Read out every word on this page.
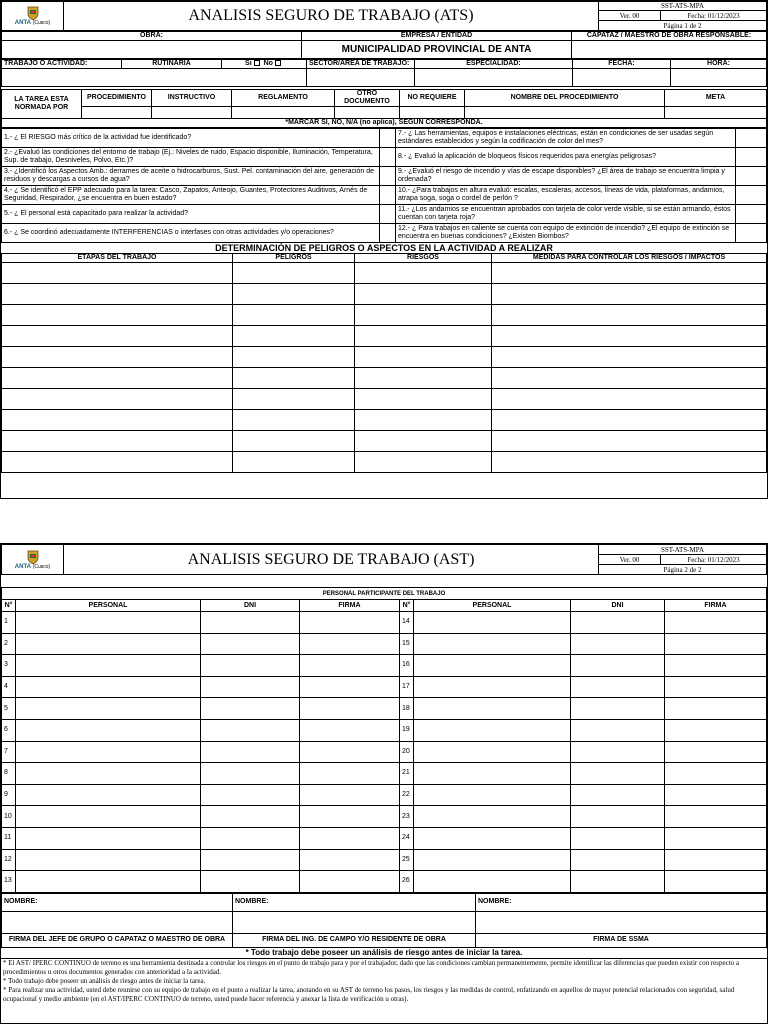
ANTA (Cusco)	ANALISIS SEGURO DE TRABAJO (ATS)	SST-ATS-MPA	
		Ver. 00	Fecha: 01/12/2023
		Página 1 de 2	
OBRA:	EMPRESA / ENTIDAD	CAPATAZ / MAESTRO DE OBRA RESPONSABLE:
	MUNICIPALIDAD PROVINCIAL DE ANTA	
TRABAJO O ACTIVIDAD:	RUTINARIA	Si No	SECTOR/ÁREA DE TRABAJO:	ESPECIALIDAD:	FECHA:	HORA:

LA TAREA ESTA NORMADA POR	PROCEDIMIENTO	INSTRUCTIVO	REGLAMENTO	OTRO DOCUMENTO	NO REQUIERE	NOMBRE DEL PROCEDIMIENTO	META

*MARCAR SI, NO, N/A (no aplica), SEGÚN CORRESPONDA.							
1.- ¿ El RIESGO más crítico de la actividad fue identificado?		7.- ¿ Las herramientas, equipos e instalaciones eléctricas, están en condiciones de ser usadas según estándares establecidos y según la codificación de color del mes?	
2.- ¿Evaluó las condiciones del entorno de trabajo (Ej.: Niveles de ruido, Espacio disponible, Iluminación, Temperatura, Sup. de trabajo, Desniveles, Polvo, Etc.)?		8.- ¿ Evaluó la aplicación de bloqueos físicos requeridos para energías peligrosas?	
3.- ¿Identificó los Aspectos Amb.: derrames de aceite o hidrocarburos, Sust. Pel. contaminación del aire, generación de residuos y descargas a cursos de agua?		9.- ¿Evaluó el riesgo de incendio y vías de escape disponibles? ¿El área de trabajo se encuentra limpia y ordenada?	
4.- ¿ Se identificó el EPP adecuado para la tarea: Casco, Zapatos, Anteojo, Guantes, Protectores Auditivos, Arnés de Seguridad, Respirador, ¿se encuentra en buen estado?		10.- ¿Para trabajos en altura evaluó: escalas, escaleras, accesos, líneas de vida, plataformas, andamios, atrapa soga, soga o cordel de perlón ?	
5.- ¿ El personal está capacitado para realizar la actividad?		11.- ¿Los andamios se encuentran aprobados con tarjeta de color verde visible, si se están armando, éstos cuentan con tarjeta roja?	
6.- ¿ Se coordinó adecuadamente INTERFERENCIAS o interfases con otras actividades y/o operaciones?		12.- ¿ Para trabajos en caliente se cuenta con equipo de extinción de incendio? ¿El equipo de extinción se encuentra en buenas condiciones? ¿Existen Biombos?	
DETERMINACIÓN DE PELIGROS O ASPECTOS EN LA ACTIVIDAD A REALIZAR
ETAPAS DEL TRABAJO	PELIGROS	RIESGOS	MEDIDAS PARA CONTROLAR LOS RIESGOS / IMPACTOS

ANTA (Cusco)	ANALISIS SEGURO DE TRABAJO (AST)	SST-ATS-MPA	
		Ver. 00	Fecha: 01/12/2023
		Página 2 de 2	
PERSONAL PARTICIPANTE DEL TRABAJO							
N°	PERSONAL	DNI	FIRMA	N°	PERSONAL	DNI	FIRMA
1				14			
2				15			
3				16			
4				17			
5				18			
6				19			
7				20			
8				21			
9				22			
10				23			
11				24			
12				25			
13				26			
NOMBRE:	NOMBRE:	NOMBRE:

FIRMA DEL JEFE DE GRUPO O CAPATAZ O MAESTRO DE OBRA	FIRMA DEL ING. DE CAMPO Y/O RESIDENTE DE OBRA	FIRMA DE SSMA
* Todo trabajo debe poseer un análisis de riesgo antes de iniciar la tarea.
* El AST/ IPERC CONTINUO de terreno es una herramienta destinada a controlar los riesgos en el punto de trabajo para y por el trabajador, dado que las condiciones cambian permanentemente, permite identificar las diferencias que pueden existir con respecto a procedimientos u otros documentos generados con anterioridad a la actividad.
* Todo trabajo debe poseer un análisis de riesgo antes de iniciar la tarea.
* Para realizar una actividad, usted debe reunirse con su equipo de trabajo en el punto a realizar la tarea, anotando en su AST de terreno los pasos, los riesgos y las medidas de control, enfatizando en aquellos de mayor potencial relacionados con seguridad, salud ocupacional y medio ambiente (en el AST/IPERC CONTINUO de terreno, usted puede hacer referencia y anexar la lista de verificación u otras).
